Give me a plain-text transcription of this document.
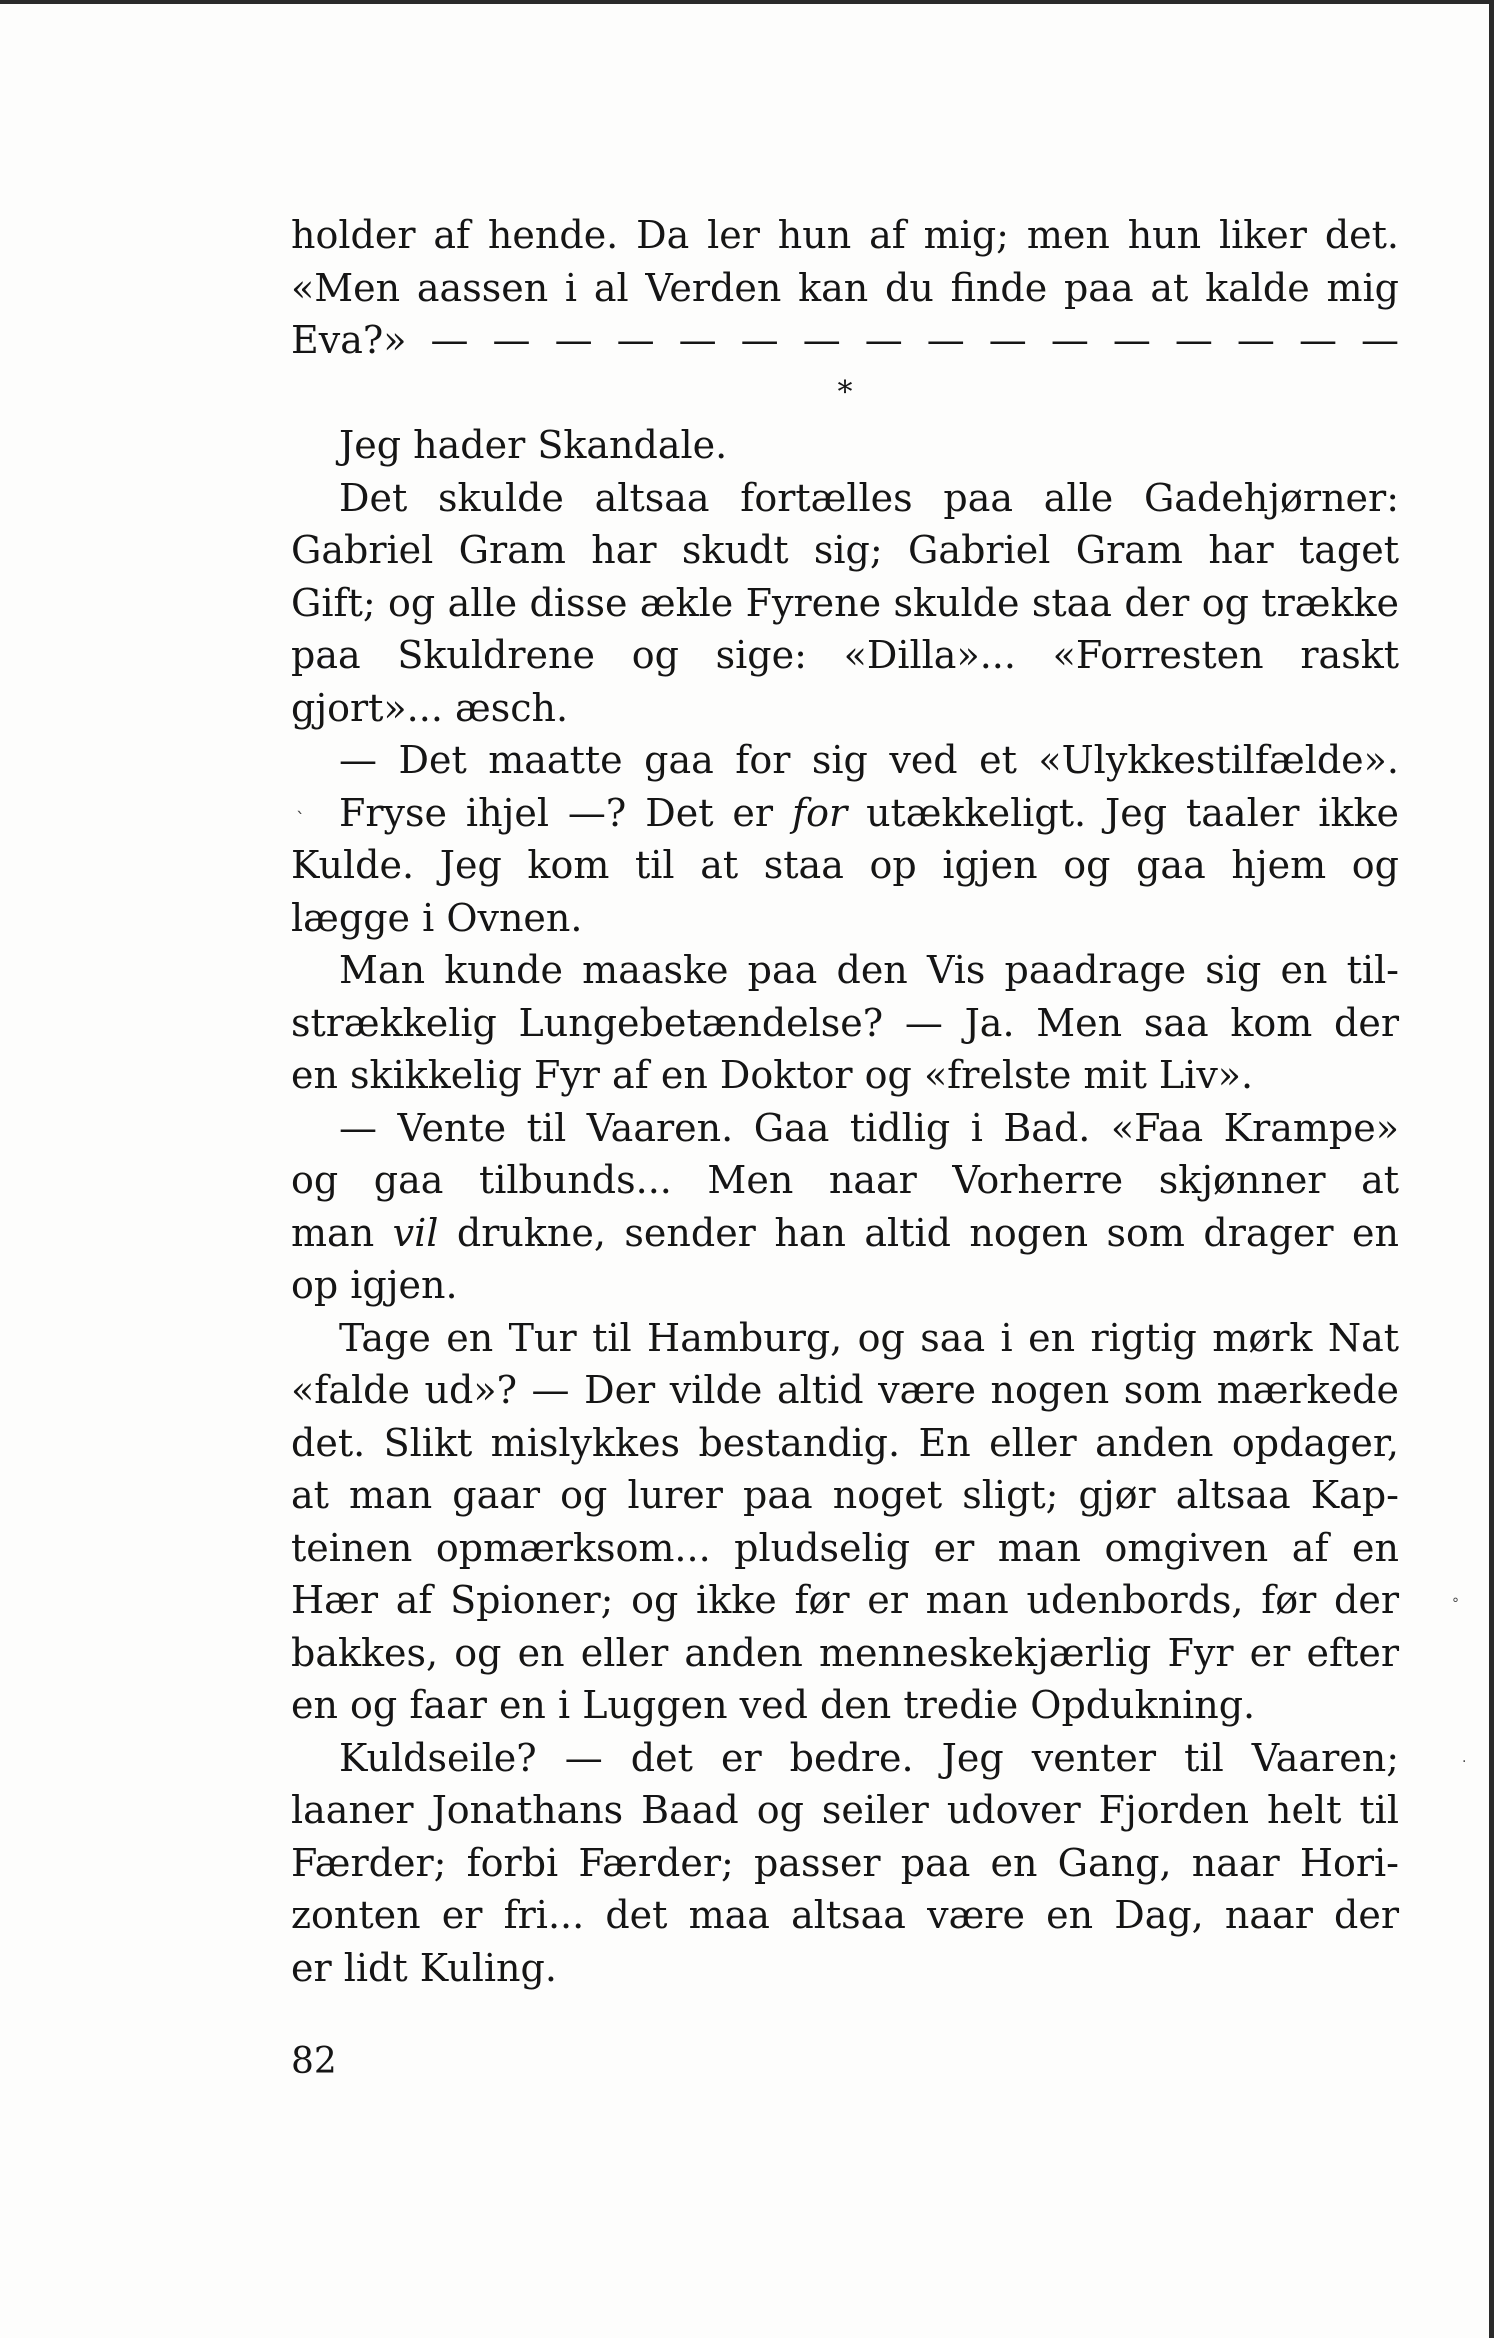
holder af hende. Da ler hun af mig; men hun liker det.
«Men aassen i al Verden kan du finde paa at kalde mig
Eva?» — — — — — — — — — — — — — — — —
*
Jeg hader Skandale.
Det skulde altsaa fortælles paa alle Gadehjørner:
Gabriel Gram har skudt sig; Gabriel Gram har taget
Gift; og alle disse ækle Fyrene skulde staa der og trække
paa Skuldrene og sige: «Dilla»... «Forresten raskt
gjort»... æsch.
— Det maatte gaa for sig ved et «Ulykkestilfælde».
Fryse ihjel —? Det er for utækkeligt. Jeg taaler ikke
Kulde. Jeg kom til at staa op igjen og gaa hjem og
lægge i Ovnen.
Man kunde maaske paa den Vis paadrage sig en til-
strækkelig Lungebetændelse? — Ja. Men saa kom der
en skikkelig Fyr af en Doktor og «frelste mit Liv».
— Vente til Vaaren. Gaa tidlig i Bad. «Faa Krampe»
og gaa tilbunds... Men naar Vorherre skjønner at
man vil drukne, sender han altid nogen som drager en
op igjen.
Tage en Tur til Hamburg, og saa i en rigtig mørk Nat
«falde ud»? — Der vilde altid være nogen som mærkede
det. Slikt mislykkes bestandig. En eller anden opdager,
at man gaar og lurer paa noget sligt; gjør altsaa Kap-
teinen opmærksom... pludselig er man omgiven af en
Hær af Spioner; og ikke før er man udenbords, før der
bakkes, og en eller anden menneskekjærlig Fyr er efter
en og faar en i Luggen ved den tredie Opdukning.
Kuldseile? — det er bedre. Jeg venter til Vaaren;
laaner Jonathans Baad og seiler udover Fjorden helt til
Færder; forbi Færder; passer paa en Gang, naar Hori-
zonten er fri... det maa altsaa være en Dag, naar der
er lidt Kuling.
82
ˎ
°
·
